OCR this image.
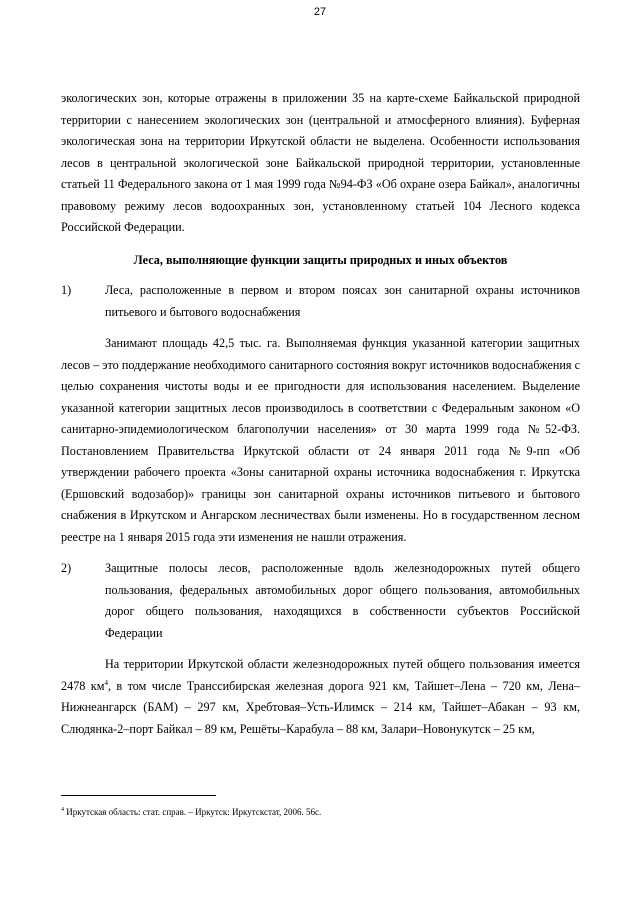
27

экологических зон, которые отражены в приложении 35 на карте-схеме Байкальской природной территории с нанесением экологических зон (центральной и атмосферного влияния). Буферная экологическая зона на территории Иркутской области не выделена. Особенности использования лесов в центральной экологической зоне Байкальской природной территории, установленные статьей 11 Федерального закона от 1 мая 1999 года №94-ФЗ «Об охране озера Байкал», аналогичны правовому режиму лесов водоохранных зон, установленному статьей 104 Лесного кодекса Российской Федерации.

Леса, выполняющие функции защиты природных и иных объектов

1)	Леса, расположенные в первом и втором поясах зон санитарной охраны источников питьевого и бытового водоснабжения

Занимают площадь 42,5 тыс. га. Выполняемая функция указанной категории защитных лесов – это поддержание необходимого санитарного состояния вокруг источников водоснабжения с целью сохранения чистоты воды и ее пригодности для использования населением. Выделение указанной категории защитных лесов производилось в соответствии с Федеральным законом «О санитарно-эпидемиологическом благополучии населения» от 30 марта 1999 года №52-ФЗ. Постановлением Правительства Иркутской области от 24 января 2011 года №9-пп «Об утверждении рабочего проекта «Зоны санитарной охраны источника водоснабжения г. Иркутска (Ершовский водозабор)» границы зон санитарной охраны источников питьевого и бытового снабжения в Иркутском и Ангарском лесничествах были изменены. Но в государственном лесном реестре на 1 января 2015 года эти изменения не нашли отражения.

2)	Защитные полосы лесов, расположенные вдоль железнодорожных путей общего пользования, федеральных автомобильных дорог общего пользования, автомобильных дорог общего пользования, находящихся в собственности субъектов Российской Федерации

На территории Иркутской области железнодорожных путей общего пользования имеется 2478 $км^4$, в том числе Транссибирская железная дорога 921 км, Тайшет–Лена – 720 км, Лена–Нижнеангарск (БАМ) – 297 км, Хребтовая–Усть-Илимск – 214 км, Тайшет–Абакан – 93 км, Слюдянка-2–порт Байкал – 89 км, Решёты–Карабула – 88 км, Залари–Новонукутск – 25 км,

$^4$ Иркутская область: стат. справ. – Иркутск: Иркутскстат, 2006. 56с.
